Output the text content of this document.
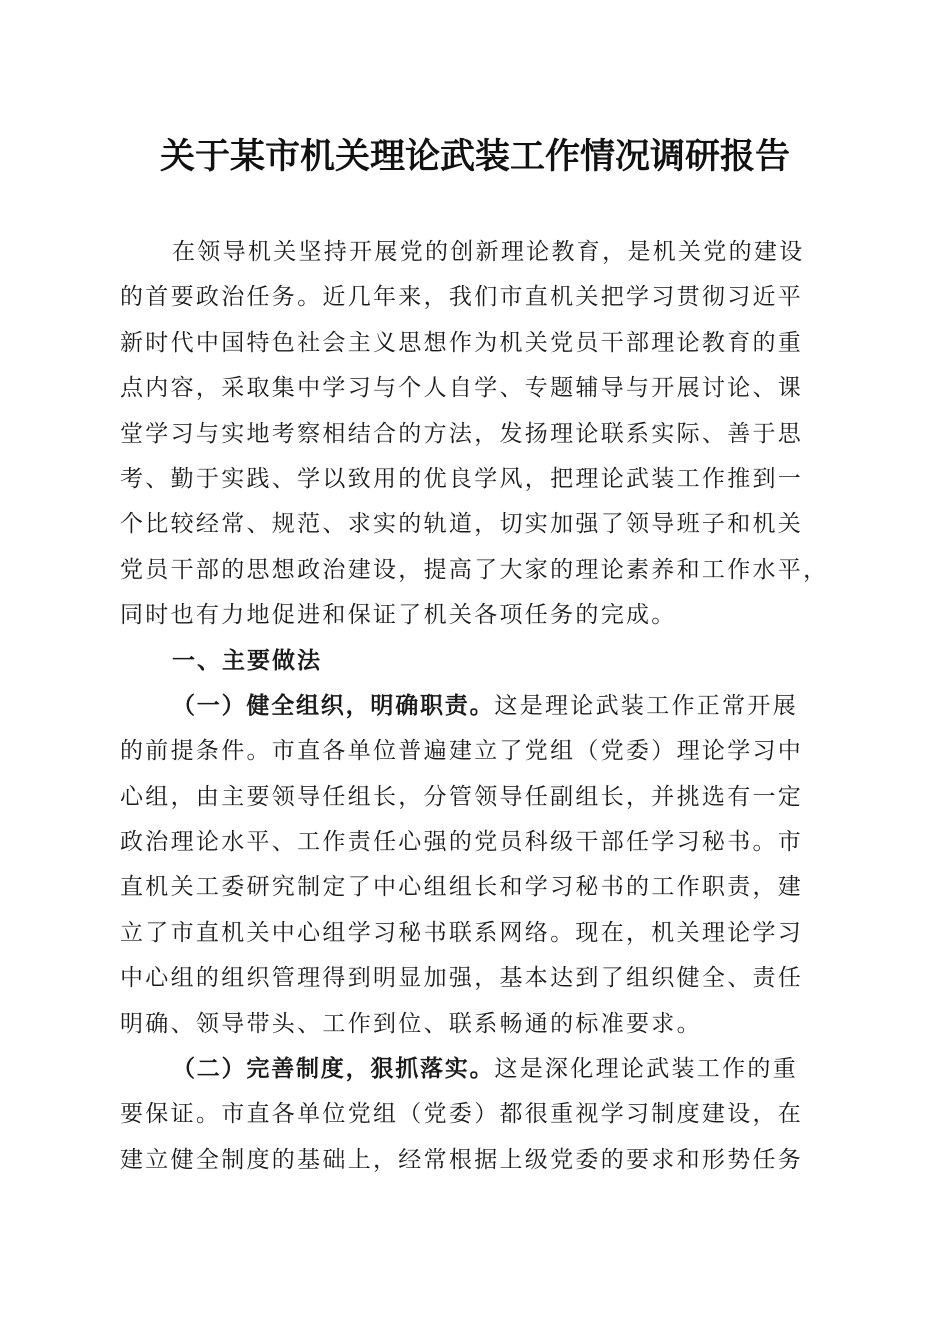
关于某市机关理论武装工作情况调研报告
在领导机关坚持开展党的创新理论教育，是机关党的建设
的首要政治任务。近几年来，我们市直机关把学习贯彻习近平
新时代中国特色社会主义思想作为机关党员干部理论教育的重
点内容，采取集中学习与个人自学、专题辅导与开展讨论、课
堂学习与实地考察相结合的方法，发扬理论联系实际、善于思
考、勤于实践、学以致用的优良学风，把理论武装工作推到一
个比较经常、规范、求实的轨道，切实加强了领导班子和机关
党员干部的思想政治建设，提高了大家的理论素养和工作水平，
同时也有力地促进和保证了机关各项任务的完成。
一、主要做法
（一）健全组织，明确职责。这是理论武装工作正常开展
的前提条件。市直各单位普遍建立了党组（党委）理论学习中
心组，由主要领导任组长，分管领导任副组长，并挑选有一定
政治理论水平、工作责任心强的党员科级干部任学习秘书。市
直机关工委研究制定了中心组组长和学习秘书的工作职责，建
立了市直机关中心组学习秘书联系网络。现在，机关理论学习
中心组的组织管理得到明显加强，基本达到了组织健全、责任
明确、领导带头、工作到位、联系畅通的标准要求。
（二）完善制度，狠抓落实。这是深化理论武装工作的重
要保证。市直各单位党组（党委）都很重视学习制度建设，在
建立健全制度的基础上，经常根据上级党委的要求和形势任务
